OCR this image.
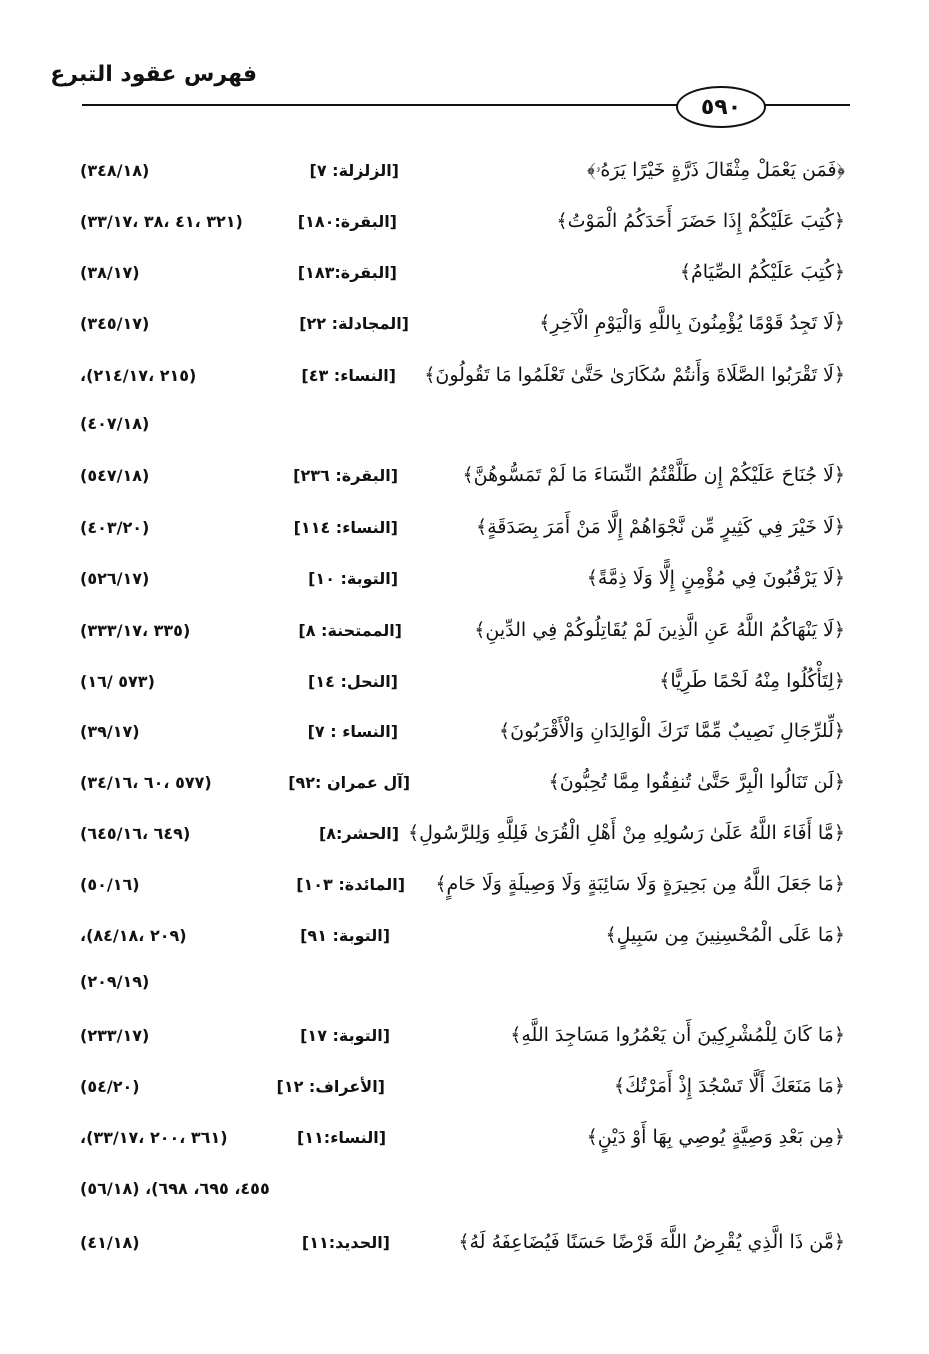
فهرس عقود التبرع
٥٩٠
﴿فَمَن يَعْمَلْ مِثْقَالَ ذَرَّةٍ خَيْرًا يَرَهُۥ﴾
[الزلزلة: ٧]
(٣٤٨/١٨)
﴿كُتِبَ عَلَيْكُمْ إِذَا حَضَرَ أَحَدَكُمُ الْمَوْتُ﴾
[البقرة:١٨٠]
(٣٢١ ،٤١ ،٣٨ ،٣٣/١٧)
﴿كُتِبَ عَلَيْكُمُ الصِّيَامُ﴾
[البقرة:١٨٣]
(٣٨/١٧)
﴿لَا تَجِدُ قَوْمًا يُؤْمِنُونَ بِاللَّهِ وَالْيَوْمِ الْآخِرِ﴾
[المجادلة: ٢٢]
(٣٤٥/١٧)
﴿لَا تَقْرَبُوا الصَّلَاةَ وَأَنتُمْ سُكَارَىٰ حَتَّىٰ تَعْلَمُوا مَا تَقُولُونَ﴾
[النساء: ٤٣]
(٢١٥ ،٢١٤/١٧)،
(٤٠٧/١٨)
﴿لَا جُنَاحَ عَلَيْكُمْ إِن طَلَّقْتُمُ النِّسَاءَ مَا لَمْ تَمَسُّوهُنَّ﴾
[البقرة: ٢٣٦]
(٥٤٧/١٨)
﴿لَا خَيْرَ فِي كَثِيرٍ مِّن نَّجْوَاهُمْ إِلَّا مَنْ أَمَرَ بِصَدَقَةٍ﴾
[النساء: ١١٤]
(٤٠٣/٢٠)
﴿لَا يَرْقُبُونَ فِي مُؤْمِنٍ إِلًّا وَلَا ذِمَّةً﴾
[التوبة: ١٠]
(٥٢٦/١٧)
﴿لَا يَنْهَاكُمُ اللَّهُ عَنِ الَّذِينَ لَمْ يُقَاتِلُوكُمْ فِي الدِّينِ﴾
[الممتحنة: ٨]
(٣٣٥ ،٣٣٣/١٧)
﴿لِتَأْكُلُوا مِنْهُ لَحْمًا طَرِيًّا﴾
[النحل: ١٤]
(٥٧٣ /١٦)
﴿لِّلرِّجَالِ نَصِيبٌ مِّمَّا تَرَكَ الْوَالِدَانِ وَالْأَقْرَبُونَ﴾
[النساء : ٧]
(٣٩/١٧)
﴿لَن تَنَالُوا الْبِرَّ حَتَّىٰ تُنفِقُوا مِمَّا تُحِبُّونَ﴾
[آل عمران :٩٢]
(٥٧٧ ،٦٠ ،٣٤/١٦)
﴿مَّا أَفَاءَ اللَّهُ عَلَىٰ رَسُولِهِ مِنْ أَهْلِ الْقُرَىٰ فَلِلَّهِ وَلِلرَّسُولِ﴾
[الحشر:٨]
(٦٤٩ ،٦٤٥/١٦)
﴿مَا جَعَلَ اللَّهُ مِن بَحِيرَةٍ وَلَا سَائِبَةٍ وَلَا وَصِيلَةٍ وَلَا حَامٍ﴾
[المائدة: ١٠٣]
(٥٠/١٦)
﴿مَا عَلَى الْمُحْسِنِينَ مِن سَبِيلٍ﴾
[التوبة: ٩١]
(٢٠٩ ،٨٤/١٨)،
(٢٠٩/١٩)
﴿مَا كَانَ لِلْمُشْرِكِينَ أَن يَعْمُرُوا مَسَاجِدَ اللَّهِ﴾
[التوبة: ١٧]
(٢٣٣/١٧)
﴿مَا مَنَعَكَ أَلَّا تَسْجُدَ إِذْ أَمَرْتُكَ﴾
[الأعراف: ١٢]
(٥٤/٢٠)
﴿مِن بَعْدِ وَصِيَّةٍ يُوصِي بِهَا أَوْ دَيْنٍ﴾
[النساء:١١]
(٣٦١ ،٢٠٠ ،٣٣/١٧)،
٤٥٥، ٦٩٥، ٦٩٨)، (٥٦/١٨)
﴿مَّن ذَا الَّذِي يُقْرِضُ اللَّهَ قَرْضًا حَسَنًا فَيُضَاعِفَهُ لَهُ﴾
[الحديد:١١]
(٤١/١٨)
